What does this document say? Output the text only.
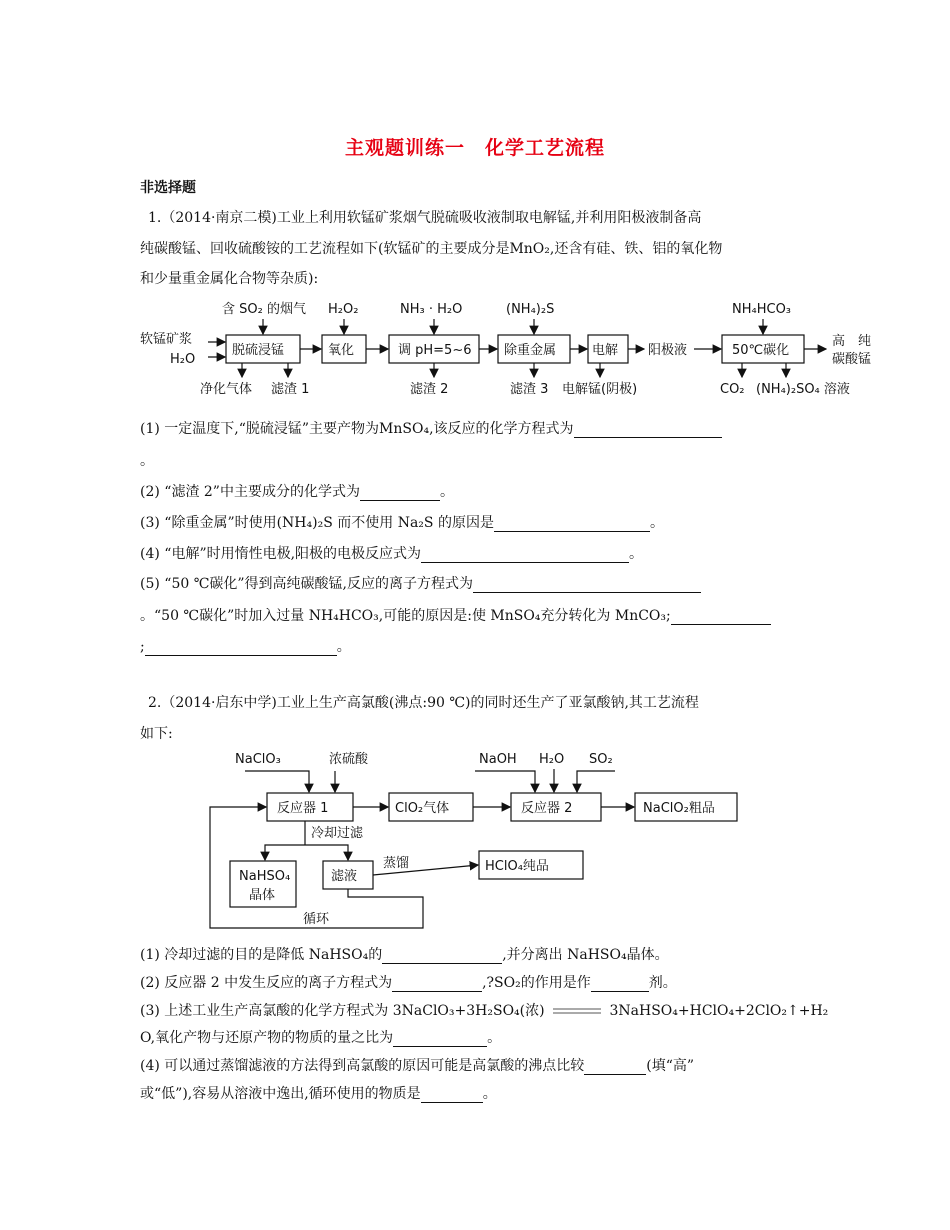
主观题训练一　化学工艺流程
非选择题
1.（2014·南京二模)工业上利用软锰矿浆烟气脱硫吸收液制取电解锰,并利用阳极液制备高
纯碳酸锰、回收硫酸铵的工艺流程如下(软锰矿的主要成分是MnO₂,还含有硅、铁、铝的氧化物
和少量重金属化合物等杂质):
含 SO₂ 的烟气 H₂O₂	NH₃ · H₂O	(NH₄)₂S	NH₄HCO₃
软锰矿浆
H₂O
脱硫浸锰	氧化	调 pH=5~6	除重金属	电解 阳极液	50℃碳化
高　纯
碳酸锰
净化气体 滤渣 1	滤渣 2	滤渣 3 电解锰(阴极)	CO₂ (NH₄)₂SO₄ 溶液
(1) 一定温度下,“脱硫浸锰”主要产物为MnSO₄,该反应的化学方程式为
。
(2) “滤渣 2”中主要成分的化学式为	。
(3) “除重金属”时使用(NH₄)₂S 而不使用 Na₂S 的原因是	。
(4) “电解”时用惰性电极,阳极的电极反应式为	。
(5) “50 ℃碳化”得到高纯碳酸锰,反应的离子方程式为
。“50 ℃碳化”时加入过量 NH₄HCO₃,可能的原因是:使 MnSO₄充分转化为 MnCO₃;
;	。
2.（2014·启东中学)工业上生产高氯酸(沸点:90 ℃)的同时还生产了亚氯酸钠,其工艺流程
如下:
NaClO₃	浓硫酸	NaOH H₂O SO₂
反应器 1	ClO₂气体	反应器 2	NaClO₂粗品
冷却过滤
NaHSO₄
晶体
滤液
蒸馏	HClO₄纯品
循环
(1) 冷却过滤的目的是降低 NaHSO₄的	,并分离出 NaHSO₄晶体。
(2) 反应器 2 中发生反应的离子方程式为	,?SO₂的作用是作	剂。
(3) 上述工业生产高氯酸的化学方程式为 3NaClO₃+3H₂SO₄(浓)	3NaHSO₄+HClO₄+2ClO₂↑+H₂
O,氧化产物与还原产物的物质的量之比为	。
(4) 可以通过蒸馏滤液的方法得到高氯酸的原因可能是高氯酸的沸点比较	(填“高”
或“低”),容易从溶液中逸出,循环使用的物质是	。
